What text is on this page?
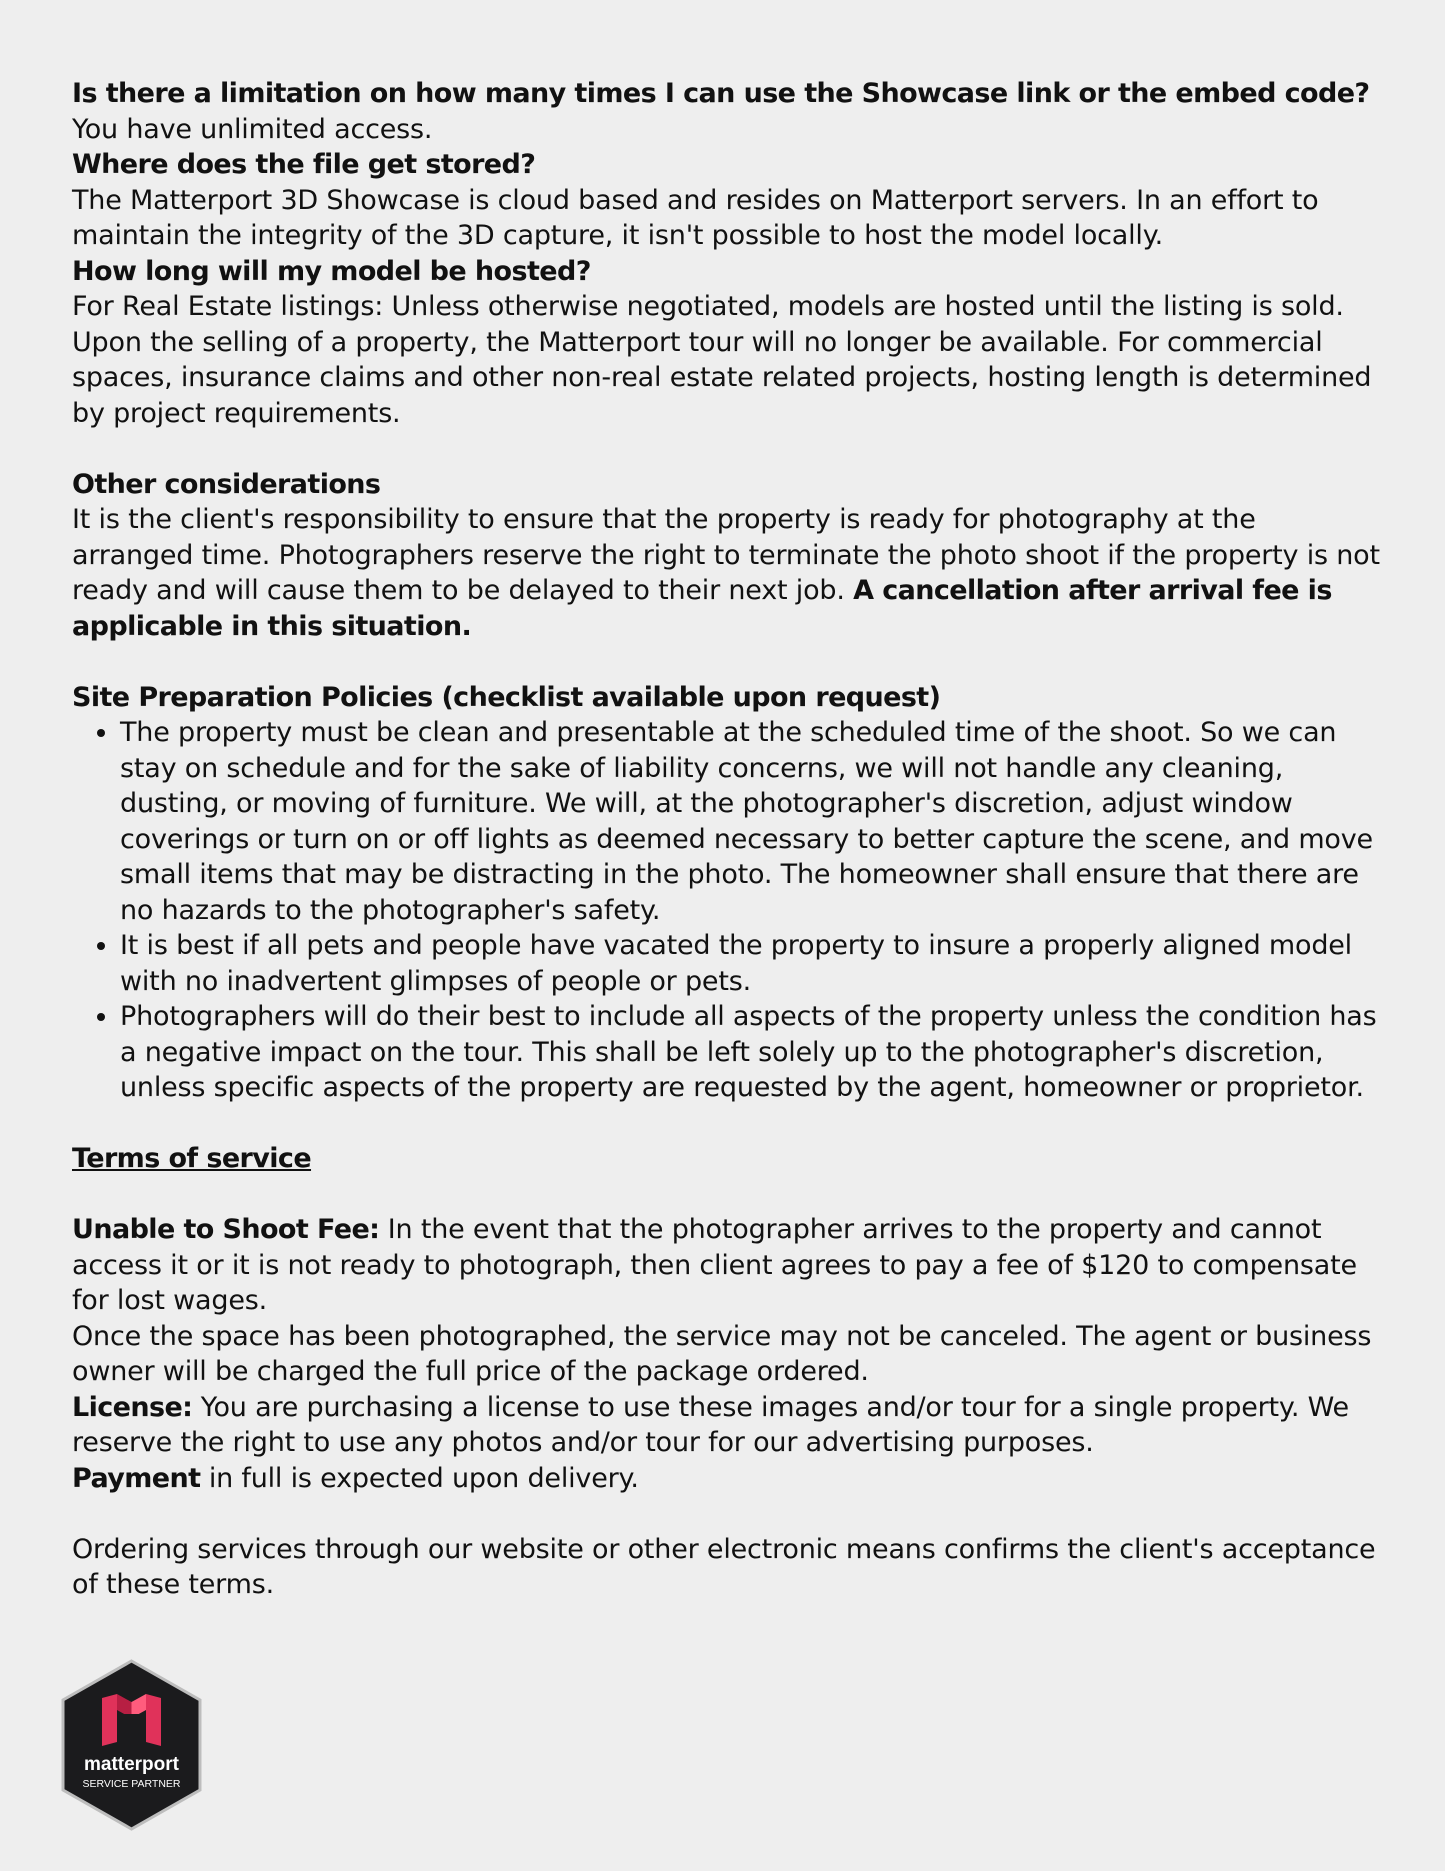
Is there a limitation on how many times I can use the Showcase link or the embed code?

You have unlimited access.

Where does the file get stored?

The Matterport 3D Showcase is cloud based and resides on Matterport servers. In an effort to maintain the integrity of the 3D capture, it isn't possible to host the model locally.

How long will my model be hosted?

For Real Estate listings: Unless otherwise negotiated, models are hosted until the listing is sold. Upon the selling of a property, the Matterport tour will no longer be available. For commercial spaces, insurance claims and other non-real estate related projects, hosting length is determined by project requirements.

Other considerations

It is the client's responsibility to ensure that the property is ready for photography at the arranged time. Photographers reserve the right to terminate the photo shoot if the property is not ready and will cause them to be delayed to their next job. A cancellation after arrival fee is applicable in this situation.

Site Preparation Policies (checklist available upon request)

• The property must be clean and presentable at the scheduled time of the shoot. So we can stay on schedule and for the sake of liability concerns, we will not handle any cleaning, dusting, or moving of furniture. We will, at the photographer's discretion, adjust window coverings or turn on or off lights as deemed necessary to better capture the scene, and move small items that may be distracting in the photo. The homeowner shall ensure that there are no hazards to the photographer's safety.
• It is best if all pets and people have vacated the property to insure a properly aligned model with no inadvertent glimpses of people or pets.
• Photographers will do their best to include all aspects of the property unless the condition has a negative impact on the tour. This shall be left solely up to the photographer's discretion, unless specific aspects of the property are requested by the agent, homeowner or proprietor.

Terms of service

Unable to Shoot Fee: In the event that the photographer arrives to the property and cannot access it or it is not ready to photograph, then client agrees to pay a fee of $120 to compensate for lost wages.

Once the space has been photographed, the service may not be canceled. The agent or business owner will be charged the full price of the package ordered.

License: You are purchasing a license to use these images and/or tour for a single property. We reserve the right to use any photos and/or tour for our advertising purposes.

Payment in full is expected upon delivery.

Ordering services through our website or other electronic means confirms the client's acceptance of these terms.

matterport
SERVICE PARTNER
